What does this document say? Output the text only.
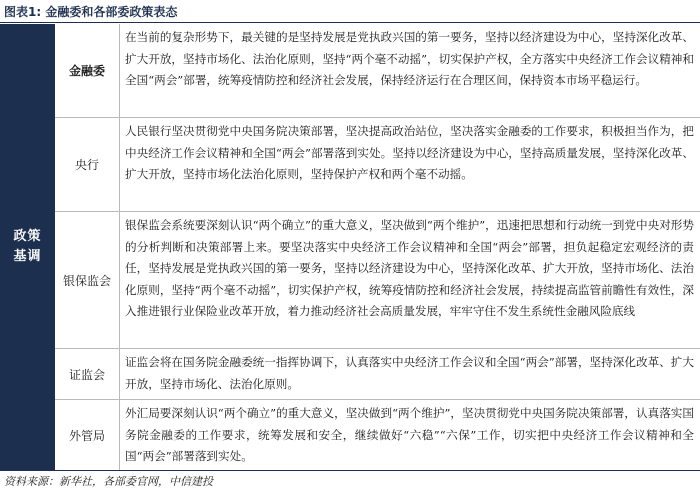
图表1: 金融委和各部委政策表态
政策基调
金融委
在当前的复杂形势下，最关键的是坚持发展是党执政兴国的第一要务，坚持以经济建设为中心，坚持深化改革、扩大开放，坚持市场化、法治化原则，坚持“两个毫不动摇”，切实保护产权，全方落实中央经济工作会议精神和全国“两会”部署，统筹疫情防控和经济社会发展，保持经济运行在合理区间，保持资本市场平稳运行。
央行
人民银行坚决贯彻党中央国务院决策部署，坚决提高政治站位，坚决落实金融委的工作要求，积极担当作为，把中央经济工作会议精神和全国“两会”部署落到实处。坚持以经济建设为中心，坚持高质量发展，坚持深化改革、扩大开放，坚持市场化法治化原则，坚持保护产权和两个毫不动摇。
银保监会
银保监会系统要深刻认识“两个确立”的重大意义，坚决做到“两个维护”，迅速把思想和行动统一到党中央对形势的分析判断和决策部署上来。要坚决落实中央经济工作会议精神和全国“两会”部署，担负起稳定宏观经济的责任，坚持发展是党执政兴国的第一要务，坚持以经济建设为中心，坚持深化改革、扩大开放，坚持市场化、法治化原则，坚持“两个毫不动摇”，切实保护产权，统筹疫情防控和经济社会发展，持续提高监管前瞻性有效性，深入推进银行业保险业改革开放，着力推动经济社会高质量发展，牢牢守住不发生系统性金融风险底线
证监会
证监会将在国务院金融委统一指挥协调下，认真落实中央经济工作会议和全国“两会”部署，坚持深化改革、扩大开放，坚持市场化、法治化原则。
外管局
外汇局要深刻认识“两个确立”的重大意义，坚决做到“两个维护”，坚决贯彻党中央国务院决策部署，认真落实国务院金融委的工作要求，统筹发展和安全，继续做好“六稳”“六保”工作，切实把中央经济工作会议精神和全国“两会”部署落到实处。
资料来源：新华社，各部委官网，中信建投
